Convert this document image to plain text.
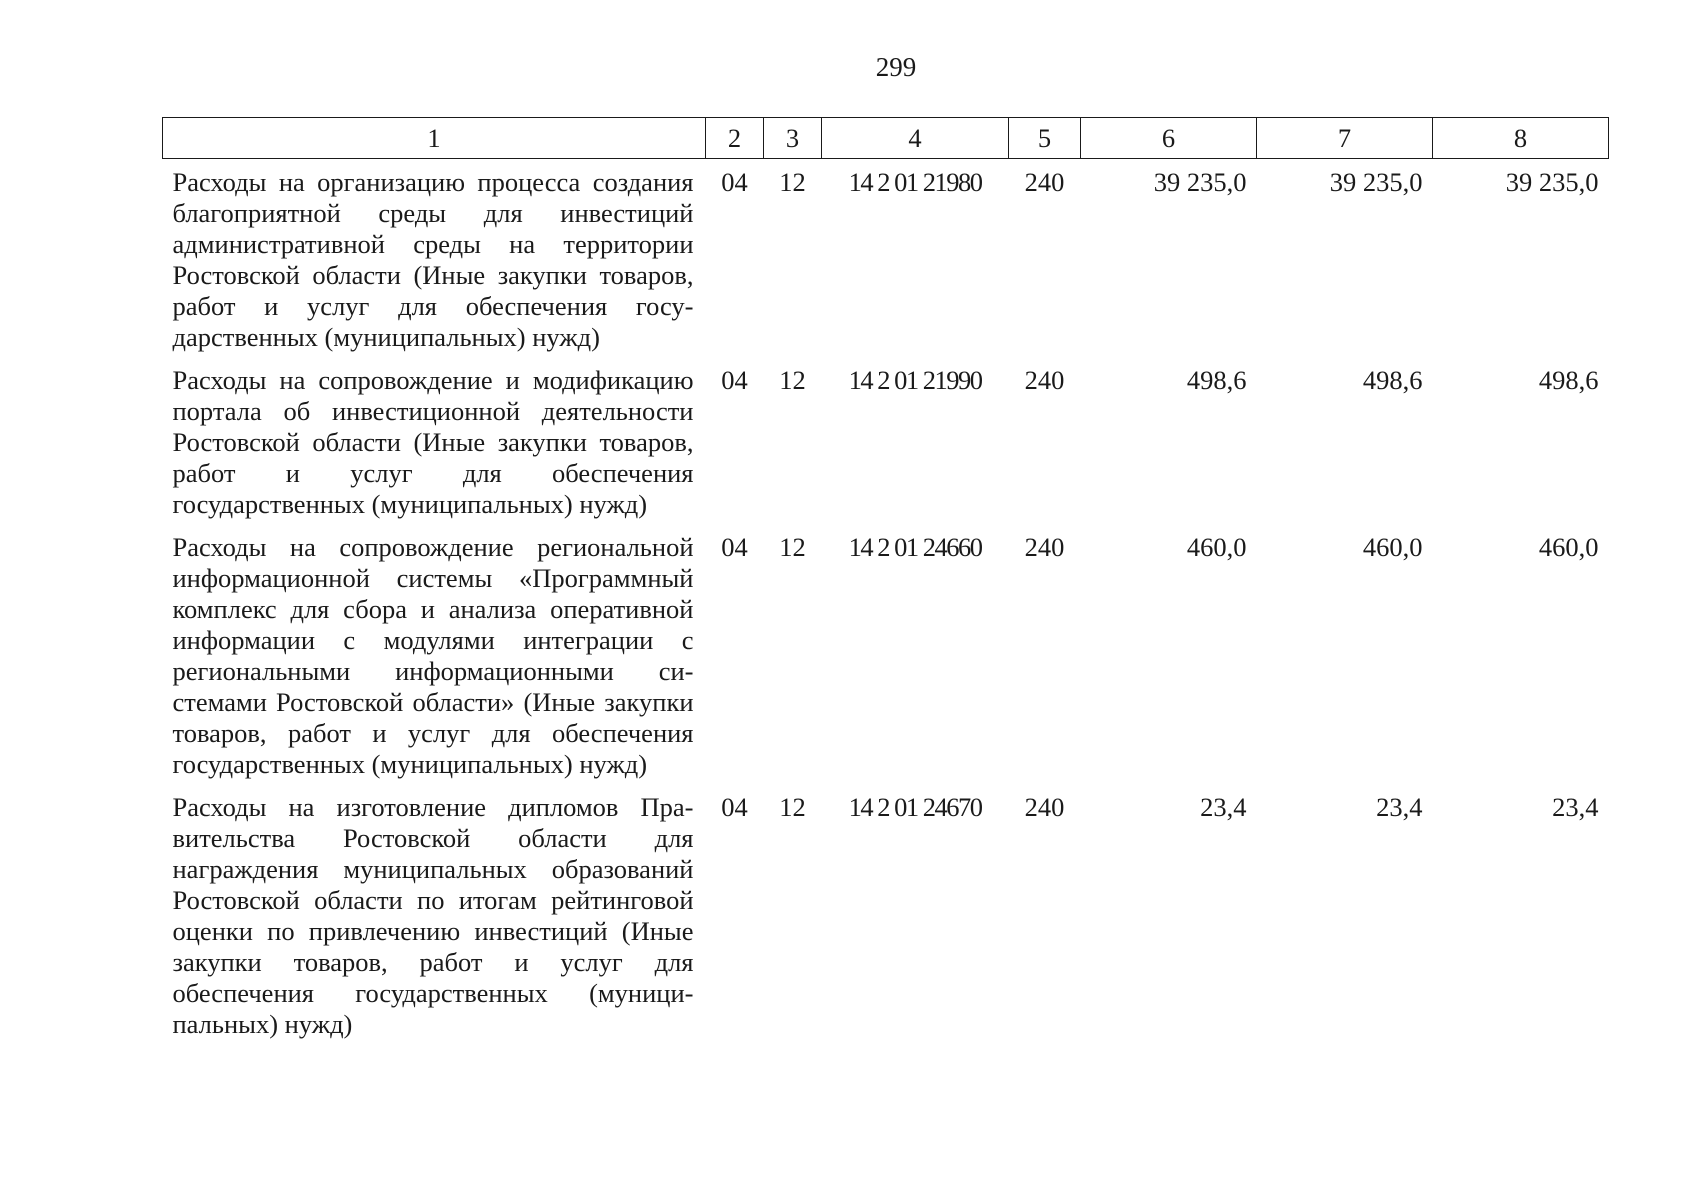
299
1	2	3	4	5	6	7	8
Расходы на организацию процесса создания благоприятной среды для инвестиций административной среды на территории Ростовской области (Иные закупки товаров, работ и услуг для обеспечения государственных (муниципальных) нужд)	04	12	14 2 01 21980	240	39 235,0	39 235,0	39 235,0
Расходы на сопровождение и модификацию портала об инвестиционной деятельности Ростовской области (Иные закупки товаров, работ и услуг для обеспечения государственных (муниципальных) нужд)	04	12	14 2 01 21990	240	498,6	498,6	498,6
Расходы на сопровождение региональной информационной системы «Программный комплекс для сбора и анализа оперативной информации с модулями интеграции с региональными информационными системами Ростовской области» (Иные закупки товаров, работ и услуг для обеспечения государственных (муниципальных) нужд)	04	12	14 2 01 24660	240	460,0	460,0	460,0
Расходы на изготовление дипломов Правительства Ростовской области для награждения муниципальных образований Ростовской области по итогам рейтинговой оценки по привлечению инвестиций (Иные закупки товаров, работ и услуг для обеспечения государственных (муниципальных) нужд)	04	12	14 2 01 24670	240	23,4	23,4	23,4
